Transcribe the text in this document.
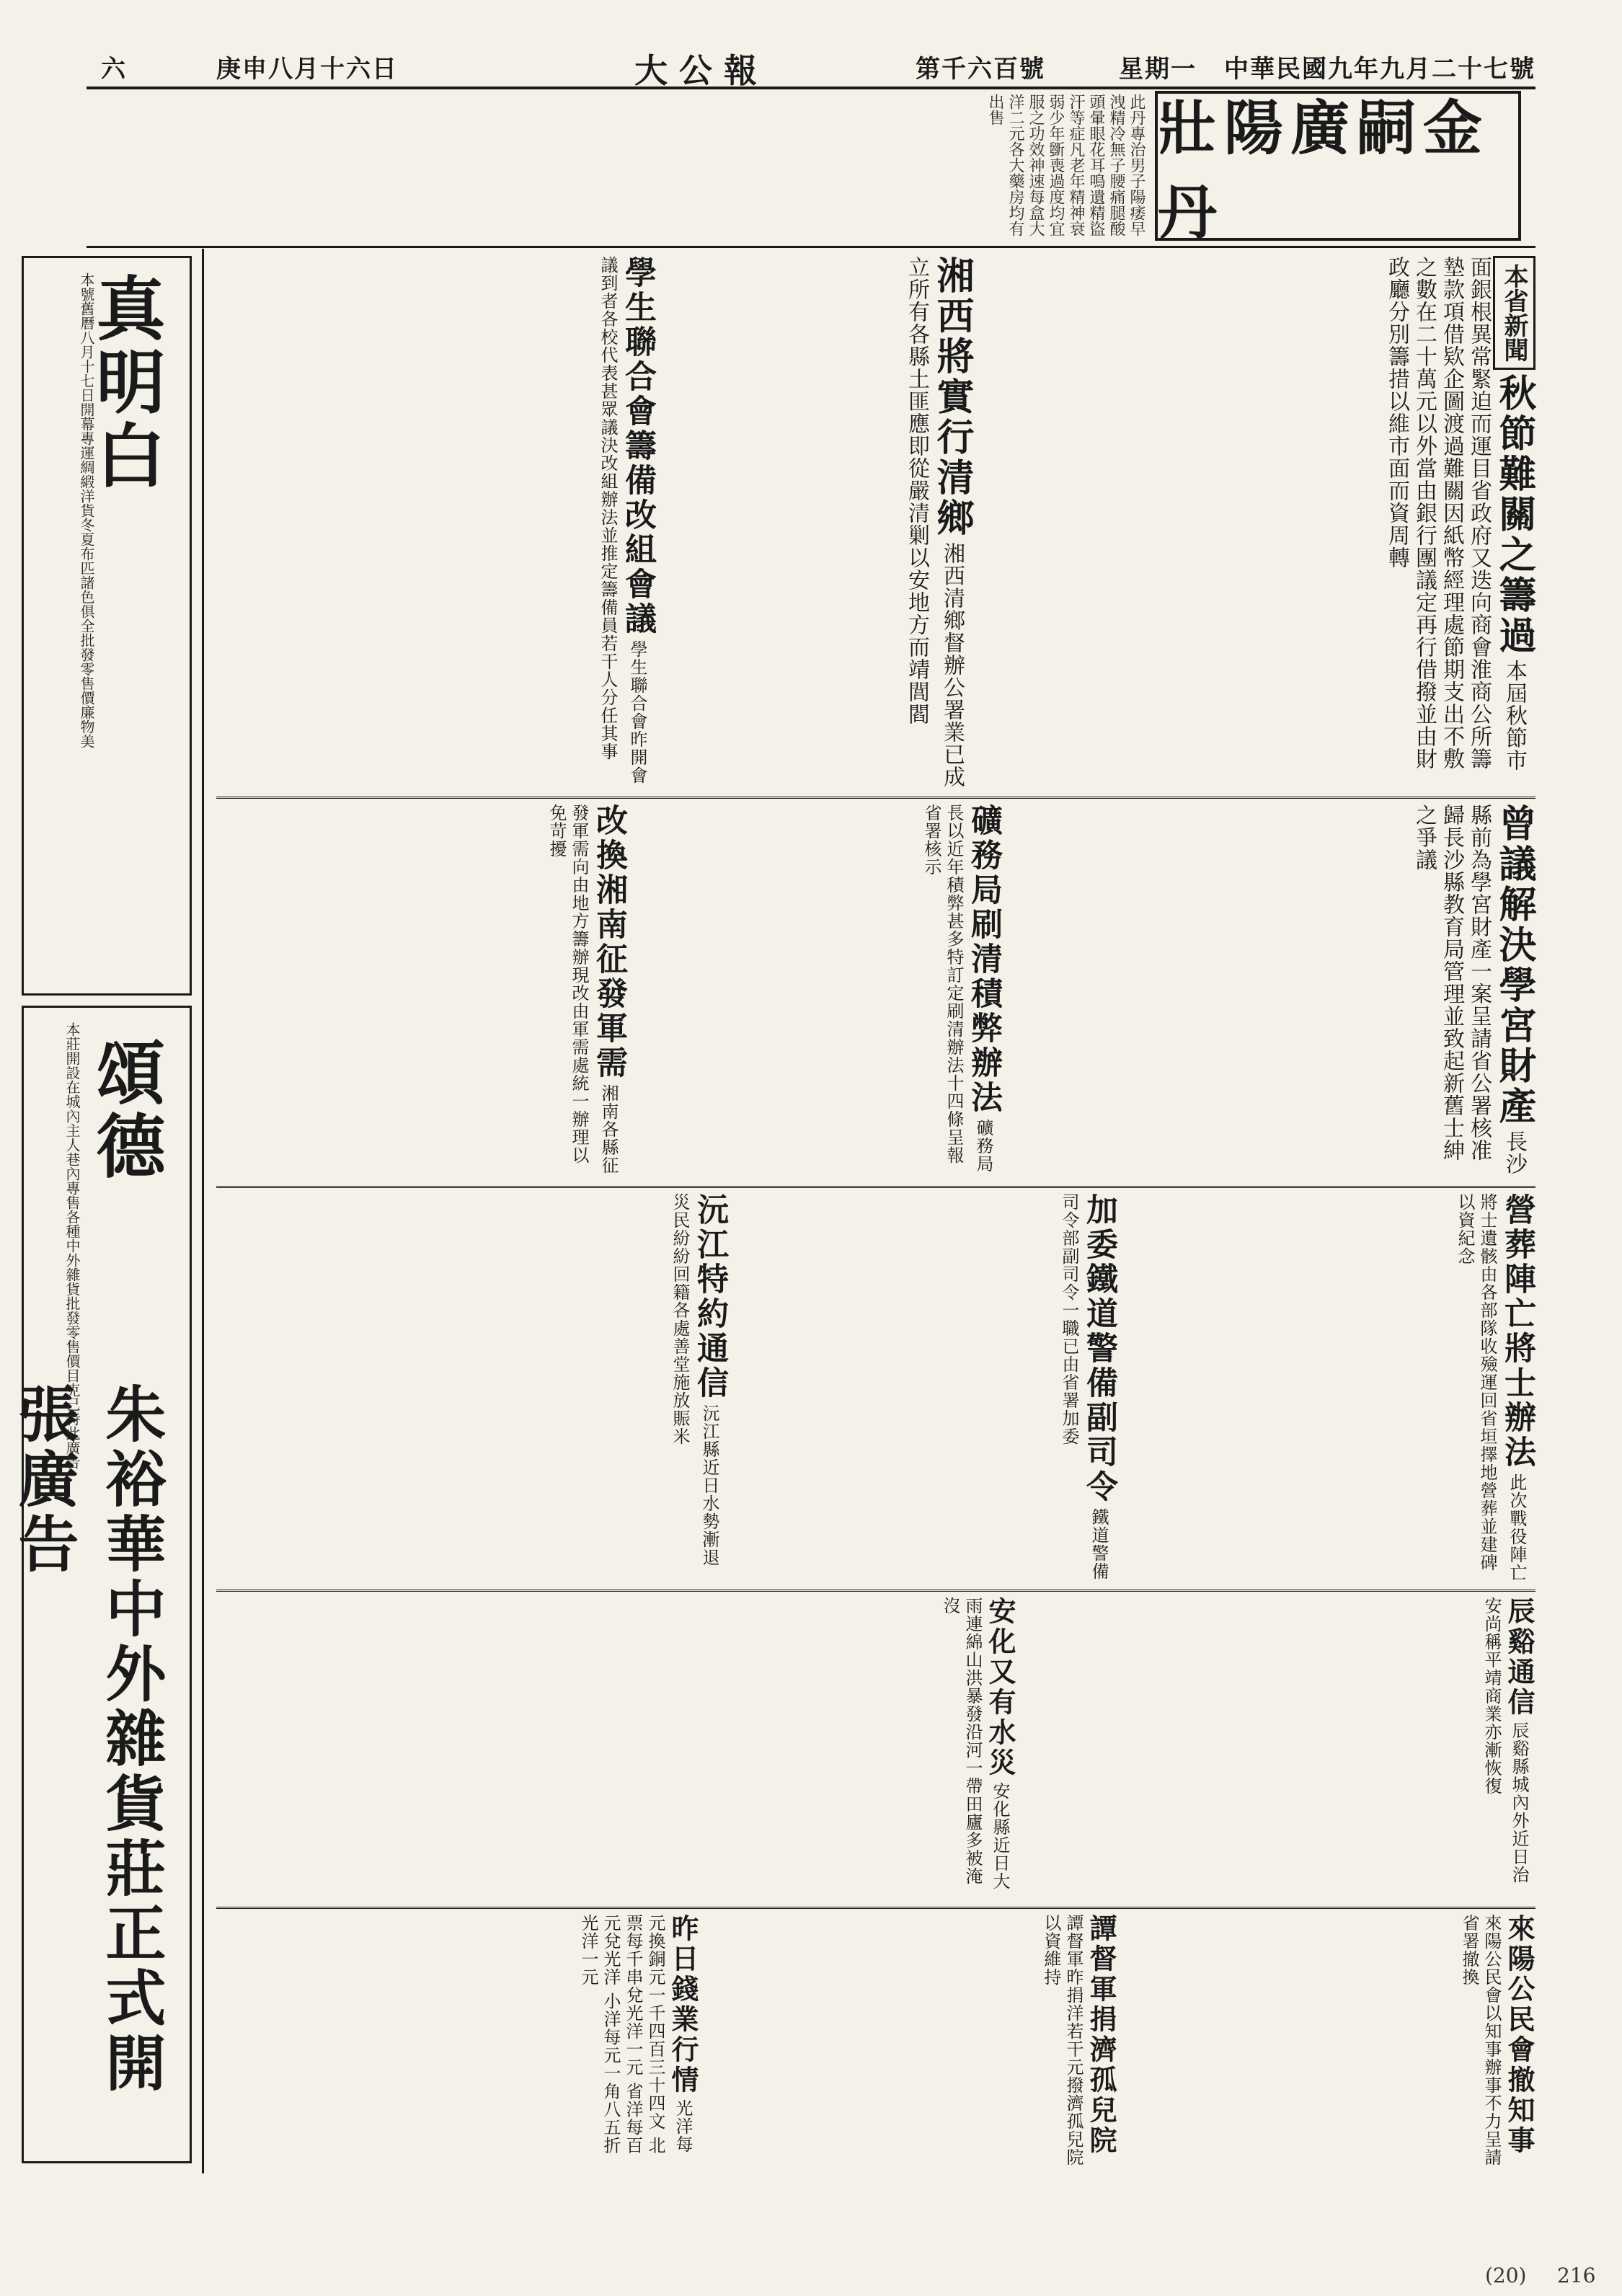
中華民國九年九月二十七號
星期一
第千六百號
大公報
庚申八月十六日
六
壯陽廣嗣金丹
此丹專治男子陽痿早洩精冷無子腰痛腿酸頭暈眼花耳鳴遺精盜汗等症凡老年精神衰弱少年斵喪過度均宜服之功效神速每盒大洋二元各大藥房均有出售
真明白
本號舊曆八月十七日開幕專運綢緞洋貨冬夏布匹諸色俱全批發零售價廉物美
頌德
朱裕華中外雜貨莊正式開張廣告
本莊開設在城內主人巷內專售各種中外雜貨批發零售價目克己特此廣告
本省新聞 秋節難關之籌過 本屆秋節市面銀根異常緊迫而運目省政府又迭向商會淮商公所籌墊款項借欵企圖渡過難關因紙幣經理處節期支出不敷之數在二十萬元以外當由銀行團議定再行借撥並由財政廳分別籌措以維市面而資周轉
湘西將實行清鄉 湘西清鄉督辦公署業已成立所有各縣土匪應即從嚴清剿以安地方而靖閭閻
學生聯合會籌備改組會議 學生聯合會昨開會議到者各校代表甚眾議決改組辦法並推定籌備員若干人分任其事
曾議解決學宮財產 長沙縣前為學宮財產一案呈請省公署核准歸長沙縣教育局管理並致起新舊士紳之爭議
礦務局刷清積弊辦法 礦務局長以近年積弊甚多特訂定刷清辦法十四條呈報省署核示
改換湘南征發軍需 湘南各縣征發軍需向由地方籌辦現改由軍需處統一辦理以免苛擾
營葬陣亡將士辦法 此次戰役陣亡將士遺骸由各部隊收殮運回省垣擇地營葬並建碑以資紀念
加委鐵道警備副司令 鐵道警備司令部副司令一職已由省署加委
沅江特約通信 沅江縣近日水勢漸退災民紛紛回籍各處善堂施放賑米
辰谿通信 辰谿縣城內外近日治安尚稱平靖商業亦漸恢復
安化又有水災 安化縣近日大雨連綿山洪暴發沿河一帶田廬多被淹沒
來陽公民會撤知事 來陽公民會以知事辦事不力呈請省署撤換
譚督軍捐濟孤兒院 譚督軍昨捐洋若干元撥濟孤兒院以資維持
昨日錢業行情 光洋每元換銅元一千四百三十四文 北票每千串兌光洋一元 省洋每百元兌光洋 小洋每元一角八五折光洋一元
(20) 216
